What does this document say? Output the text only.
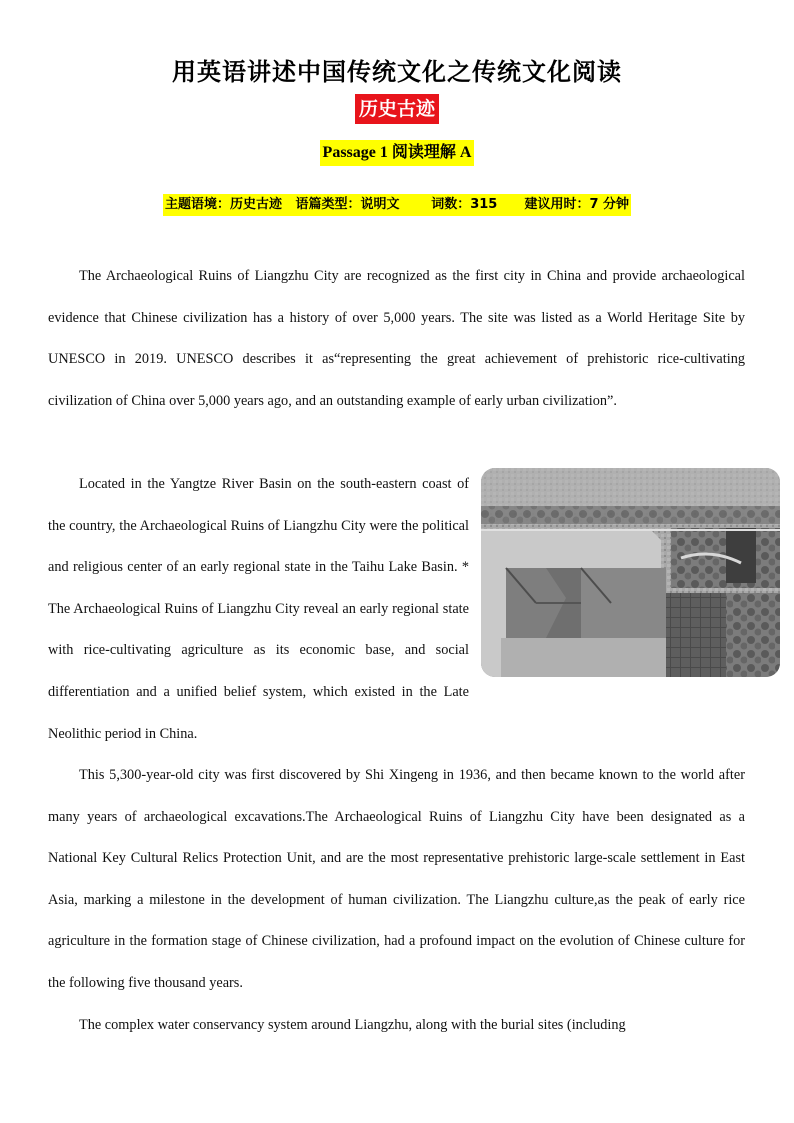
用英语讲述中国传统文化之传统文化阅读
历史古迹
Passage 1 阅读理解 A
主题语境：历史古迹   语篇类型：说明文       词数：315      建议用时：7 分钟
The Archaeological Ruins of Liangzhu City are recognized as the first city in China and provide archaeological evidence that Chinese civilization has a history of over 5,000 years. The site was listed as a World Heritage Site by UNESCO in 2019. UNESCO describes it as“representing the great achievement of prehistoric rice-cultivating civilization of China over 5,000 years ago, and an outstanding example of early urban civilization”.
Located in the Yangtze River Basin on the south-eastern coast of the country, the Archaeological Ruins of Liangzhu City were the political and religious center of an early regional state in the Taihu Lake Basin. * The Archaeological Ruins of Liangzhu City reveal an early regional state with rice-cultivating agriculture as its economic base, and social differentiation and a unified belief system, which existed in the Late Neolithic period in China.
This 5,300-year-old city was first discovered by Shi Xingeng in 1936, and then became known to the world after many years of archaeological excavations.The Archaeological Ruins of Liangzhu City have been designated as a National Key Cultural Relics Protection Unit, and are the most representative prehistoric large-scale settlement in East Asia, marking a milestone in the development of human civilization. The Liangzhu culture,as the peak of early rice agriculture in the formation stage of Chinese civilization, had a profound impact on the evolution of Chinese culture for the following five thousand years.
The complex water conservancy system around Liangzhu, along with the burial sites (including
